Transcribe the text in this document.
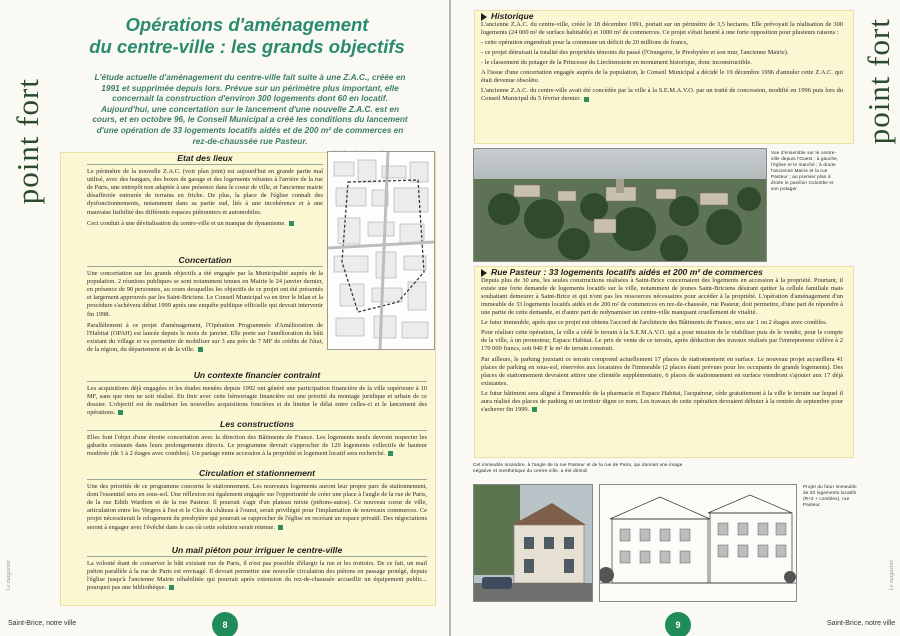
point fort
Le magazine
Opérations d'aménagement
du centre-ville : les grands objectifs
L'étude actuelle d'aménagement du centre-ville fait suite à une Z.A.C., créée en 1991 et supprimée depuis lors. Prévue sur un périmètre plus important, elle concernait la construction d'environ 300 logements dont 60 en locatif. Aujourd'hui, une concertation sur le lancement d'une nouvelle Z.A.C. est en cours, et en octobre 96, le Conseil Municipal a créé les conditions du lancement d'une opération de 33 logements locatifs aidés et de 200 m² de commerces en rez-de-chaussée rue Pasteur.
Etat des lieux

Le périmètre de la nouvelle Z.A.C. (voir plan joint) est aujourd'hui en grande partie mal utilisé, avec des hangars, des boxes de garage et des logements vétustes à l'arrière de la rue de Paris, une entrepôt non adaptée à une présence dans le coeur de ville, et l'ancienne mairie désaffectée entourée de terrains en friche. De plus, la place de l'église connaît des dysfonctionnements, notamment dans sa partie sud, liés à une incohérence et à une mauvaise lisibilité des différents espaces piétonniers et automobiles.

Ceci conduit à une dévitalisation du centre-ville et un manque de dynamisme.

Concertation

Une concertation sur les grands objectifs a été engagée par la Municipalité auprès de la population. 2 réunions publiques se sont notamment tenues en Mairie le 24 janvier dernier, en présence de 90 personnes, au cours desquelles les objectifs de ce projet ont été présentés et largement approuvés par les Saint-Briciens. Le Conseil Municipal va en tirer le bilan et la procédure s'achèvera début 1999 après une enquête publique officielle qui devrait intervenir fin 1998.

Parallèlement à ce projet d'aménagement, l'Opération Programmée d'Amélioration de l'Habitat (OPAH) est lancée depuis le mois de janvier. Elle porte sur l'amélioration du bâti existant du village et va permettre de mobiliser sur 3 ans près de 7 MF de crédits de l'état, de la région, du département et de la ville.

Un contexte financier contraint

Les acquisitions déjà engagées et les études menées depuis 1992 ont généré une participation financière de la ville supérieure à 10 MF, sans que rien ne soit réalisé. En finir avec cette hémorragie financière est une priorité du montage juridique et urbain de ce dossier. L'objectif est de maîtriser les nouvelles acquisitions foncières et de limiter le délai entre celles-ci et le lancement des opérations.

Les constructions

Elles font l'objet d'une étroite concertation avec la direction des Bâtiments de France. Les logements neufs devront respecter les gabarits existants dans leurs prolongements directs. Le programme devrait s'approcher de 120 logements collectifs de hauteur modérée (de 1 à 2 étages avec combles). Un partage entre accession à la propriété et logement locatif sera recherché.

Circulation et stationnement

Une des priorités de ce programme concerne le stationnement. Les nouveaux logements auront leur propre parc de stationnement, dont l'essentiel sera en sous-sol. Une réflexion est également engagée sur l'opportunité de créer une place à l'angle de la rue de Paris, de la rue Edith Warthon et de la rue Pasteur. Il pourrait s'agir d'un plateau mixte (piétons-autos). Ce nouveau coeur de ville, articulation entre les Vergers à l'est et le Clos du château à l'ouest, serait privilégié pour l'implantation de nouveaux commerces. Ce projet nécessiterait le relogement du presbytère qui pourrait se rapprocher de l'église en recréant un espace privatif. Des négociations seront à engager avec l'évêché dans le cas où cette solution serait retenue.

Un mail piéton pour irriguer le centre-ville

La volonté étant de conserver le bâti existant rue de Paris, il n'est pas possible d'élargir la rue et les trottoirs. De ce fait, un mail piéton parallèle à la rue de Paris est envisagé. Il devrait permettre une nouvelle circulation des piétons en passage protégé, depuis l'église jusqu'à l'ancienne Mairie réhabilitée qui pourrait après extension du rez-de-chaussée accueillir un équipement public... pourquoi pas une bibliothèque.

8
Saint-Brice, notre ville
point fort
Le magazine
Historique

L'ancienne Z.A.C. du centre-ville, créée le 18 décembre 1991, portait sur un périmètre de 3,5 hectares. Elle prévoyait la réalisation de 300 logements (24 000 m² de surface habitable) et 1000 m² de commerces. Ce projet s'était heurté à une forte opposition pour plusieurs raisons :

- cette opération engendrait pour la commune un déficit de 20 millions de francs,

- ce projet détruisait la totalité des propriétés témoins du passé (l'Orangerie, le Presbytère et son mur, l'ancienne Mairie).

- le classement du potager de la Princesse du Liechtenstein en monument historique, donc inconstructible.

A l'issue d'une concertation engagée auprès de la population, le Conseil Municipal a décidé le 19 décembre 1996 d'annuler cette Z.A.C. qui était devenue obsolète.

L'ancienne Z.A.C. du centre-ville avait été concédée par la ville à la S.E.M.A.V.O. par un traité de concession, modifié en 1996 puis lors du Conseil Municipal du 5 février dernier.

Vue d'ensemble sur le centre-ville depuis l'Ouest : à gauche, l'église et le marché ; à droite l'ancienne Mairie et la rue Pasteur ; au premier plan à droite le pavillon Colombe et son potager.
Rue Pasteur : 33 logements locatifs aidés et 200 m² de commerces

Depuis plus de 30 ans, les seules constructions réalisées à Saint-Brice concernaient des logements en accession à la propriété. Pourtant, il existe une forte demande de logements locatifs sur la ville, notamment de jeunes Saint-Briciens désirant quitter la cellule familiale mais souhaitant demeurer à Saint-Brice et qui n'ont pas les ressources nécessaires pour accéder à la propriété. L'opération d'aménagement d'un immeuble de 33 logements locatifs aidés et de 200 m² de commerces en rez-de-chaussée, rue Pasteur, doit permettre, d'une part de répondre à une partie de cette demande, et d'autre part de redynamiser un centre-ville manquant cruellement de vitalité.

Le futur immeuble, après que ce projet eut obtenu l'accord de l'architecte des Bâtiments de France, sera sur 1 ou 2 étages avec combles.

Pour réaliser cette opération, la ville a cédé le terrain à la S.E.M.A.V.O. qui a pour mission de le viabiliser puis de le vendre, pour le compte de la ville, à un promoteur, Espace Habitat. Le prix de vente de ce terrain, après déduction des travaux réalisés par l'entrepreneur s'élève à 2 170 000 francs, soit 940 F le m² de terrain construit.

Par ailleurs, le parking jouxtant ce terrain comprend actuellement 17 places de stationnement en surface. Le nouveau projet accueillera 41 places de parking en sous-sol, réservées aux locataires de l'immeuble (2 places étant prévues pour les occupants de grands logements). Des places de stationnement devraient attirer une clientèle supplémentaire, 6 places de stationnement en surface viendront s'ajouter aux 17 déjà existantes.

Le futur bâtiment sera aligné à l'immeuble de la pharmacie et Espace Habitat, l'acquéreur, cède gratuitement à la ville le terrain sur lequel il aura réalisé des places de parking et un trottoir digne ce nom. Les travaux de cette opération devraient débuter à la rentrée de septembre pour s'achever fin 1999.

Cet immeuble insalubre, à l'angle de la rue Pasteur et de la rue de Paris, qui donnait une image négative et inesthétique du centre-ville, a été démoli
Projet du futur immeuble de 33 logements locatifs (R+2 + combles), rue Pasteur.
9	Saint-Brice, notre ville
